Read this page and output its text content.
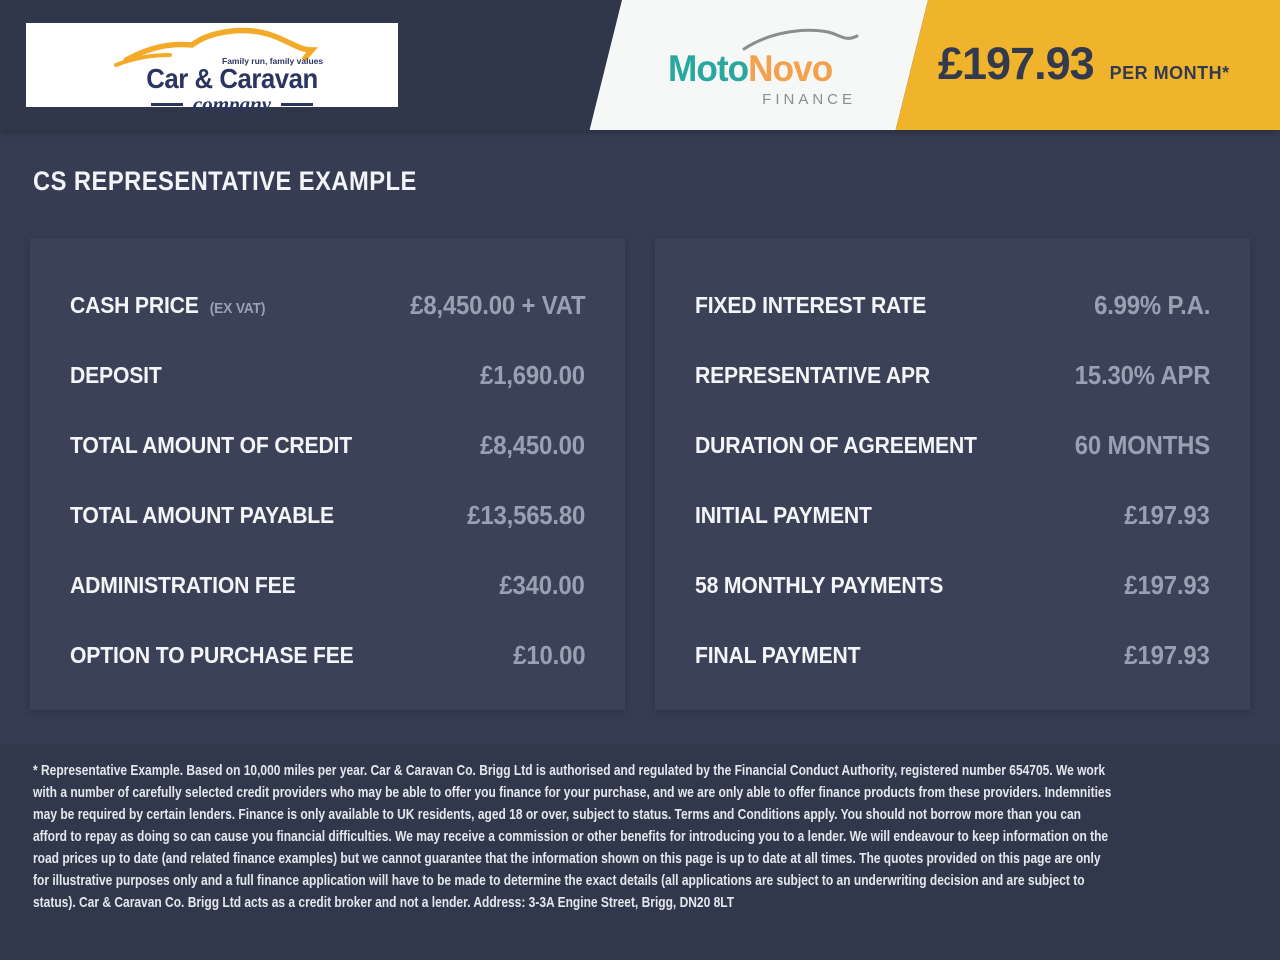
Family run, family values
Car & Caravan
company
MotoNovo
FINANCE
£197.93 PER MONTH*
CS REPRESENTATIVE EXAMPLE
CASH PRICE (EX VAT)	£8,450.00 + VAT
DEPOSIT	£1,690.00
TOTAL AMOUNT OF CREDIT	£8,450.00
TOTAL AMOUNT PAYABLE	£13,565.80
ADMINISTRATION FEE	£340.00
OPTION TO PURCHASE FEE	£10.00
FIXED INTEREST RATE	6.99% P.A.
REPRESENTATIVE APR	15.30% APR
DURATION OF AGREEMENT	60 MONTHS
INITIAL PAYMENT	£197.93
58 MONTHLY PAYMENTS	£197.93
FINAL PAYMENT	£197.93

* Representative Example. Based on 10,000 miles per year. Car & Caravan Co. Brigg Ltd is authorised and regulated by the Financial Conduct Authority, registered number 654705. We work with a number of carefully selected credit providers who may be able to offer you finance for your purchase, and we are only able to offer finance products from these providers. Indemnities may be required by certain lenders. Finance is only available to UK residents, aged 18 or over, subject to status. Terms and Conditions apply. You should not borrow more than you can afford to repay as doing so can cause you financial difficulties. We may receive a commission or other benefits for introducing you to a lender. We will endeavour to keep information on the road prices up to date (and related finance examples) but we cannot guarantee that the information shown on this page is up to date at all times. The quotes provided on this page are only for illustrative purposes only and a full finance application will have to be made to determine the exact details (all applications are subject to an underwriting decision and are subject to status). Car & Caravan Co. Brigg Ltd acts as a credit broker and not a lender. Address: 3-3A Engine Street, Brigg, DN20 8LT
